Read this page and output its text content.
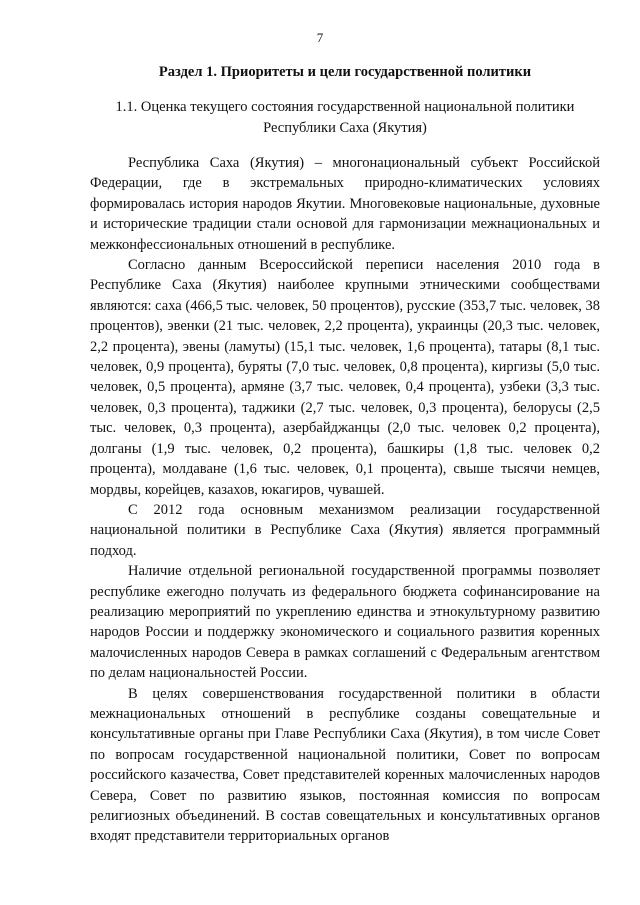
7
Раздел 1. Приоритеты и цели государственной политики
1.1. Оценка текущего состояния государственной национальной политики Республики Саха (Якутия)

Республика Саха (Якутия) – многонациональный субъект Российской Федерации, где в экстремальных природно-климатических условиях формировалась история народов Якутии. Многовековые национальные, духовные и исторические традиции стали основой для гармонизации межнациональных и межконфессиональных отношений в республике.

Согласно данным Всероссийской переписи населения 2010 года в Республике Саха (Якутия) наиболее крупными этническими сообществами являются: саха (466,5 тыс. человек, 50 процентов), русские (353,7 тыс. человек, 38 процентов), эвенки (21 тыс. человек, 2,2 процента), украинцы (20,3 тыс. человек, 2,2 процента), эвены (ламуты) (15,1 тыс. человек, 1,6 процента), татары (8,1 тыс. человек, 0,9 процента), буряты (7,0 тыс. человек, 0,8 процента), киргизы (5,0 тыс. человек, 0,5 процента), армяне (3,7 тыс. человек, 0,4 процента), узбеки (3,3 тыс. человек, 0,3 процента), таджики (2,7 тыс. человек, 0,3 процента), белорусы (2,5 тыс. человек, 0,3 процента), азербайджанцы (2,0 тыс. человек 0,2 процента), долганы (1,9 тыс. человек, 0,2 процента), башкиры (1,8 тыс. человек 0,2 процента), молдаване (1,6 тыс. человек, 0,1 процента), свыше тысячи немцев, мордвы, корейцев, казахов, юкагиров, чувашей.

С 2012 года основным механизмом реализации государственной национальной политики в Республике Саха (Якутия) является программный подход.

Наличие отдельной региональной государственной программы позволяет республике ежегодно получать из федерального бюджета софинансирование на реализацию мероприятий по укреплению единства и этнокультурному развитию народов России и поддержку экономического и социального развития коренных малочисленных народов Севера в рамках соглашений с Федеральным агентством по делам национальностей России.

В целях совершенствования государственной политики в области межнациональных отношений в республике созданы совещательные и консультативные органы при Главе Республики Саха (Якутия), в том числе Совет по вопросам государственной национальной политики, Совет по вопросам российского казачества, Совет представителей коренных малочисленных народов Севера, Совет по развитию языков, постоянная комиссия по вопросам религиозных объединений. В состав совещательных и консультативных органов входят представители территориальных органов
